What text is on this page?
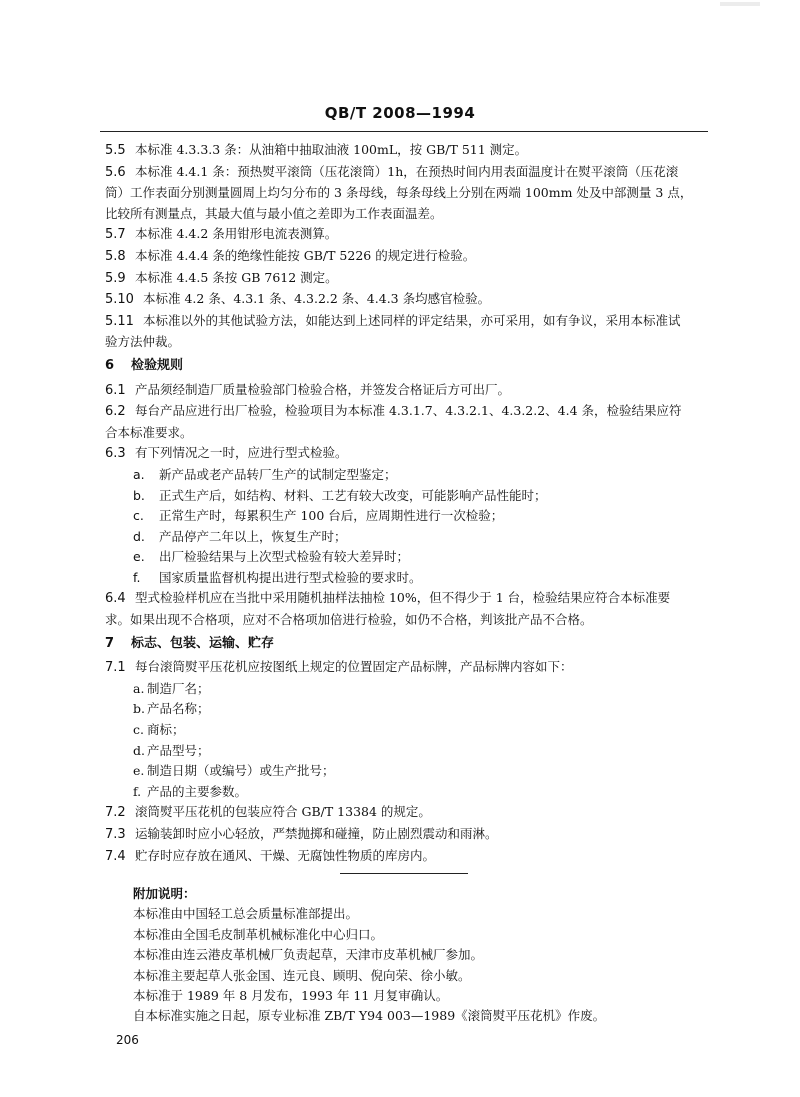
QB/T 2008—1994
5.5 本标准 4.3.3.3 条：从油箱中抽取油液 100mL，按 GB/T 511 测定。
5.6 本标准 4.4.1 条：预热熨平滚筒（压花滚筒）1h，在预热时间内用表面温度计在熨平滚筒（压花滚
筒）工作表面分别测量圆周上均匀分布的 3 条母线，每条母线上分别在两端 100mm 处及中部测量 3 点，
比较所有测量点，其最大值与最小值之差即为工作表面温差。
5.7 本标准 4.4.2 条用钳形电流表测算。
5.8 本标准 4.4.4 条的绝缘性能按 GB/T 5226 的规定进行检验。
5.9 本标准 4.4.5 条按 GB 7612 测定。
5.10 本标准 4.2 条、4.3.1 条、4.3.2.2 条、4.4.3 条均感官检验。
5.11 本标准以外的其他试验方法，如能达到上述同样的评定结果，亦可采用，如有争议，采用本标准试
验方法仲裁。
6 检验规则
6.1 产品须经制造厂质量检验部门检验合格，并签发合格证后方可出厂。
6.2 每台产品应进行出厂检验，检验项目为本标准 4.3.1.7、4.3.2.1、4.3.2.2、4.4 条，检验结果应符
合本标准要求。
6.3 有下列情况之一时，应进行型式检验。
a. 新产品或老产品转厂生产的试制定型鉴定；
b. 正式生产后，如结构、材料、工艺有较大改变，可能影响产品性能时；
c. 正常生产时，每累积生产 100 台后，应周期性进行一次检验；
d. 产品停产二年以上，恢复生产时；
e. 出厂检验结果与上次型式检验有较大差异时；
f. 国家质量监督机构提出进行型式检验的要求时。
6.4 型式检验样机应在当批中采用随机抽样法抽检 10%，但不得少于 1 台，检验结果应符合本标准要
求。如果出现不合格项，应对不合格项加倍进行检验，如仍不合格，判该批产品不合格。
7 标志、包装、运输、贮存
7.1 每台滚筒熨平压花机应按图纸上规定的位置固定产品标牌，产品标牌内容如下：
a. 制造厂名；
b. 产品名称；
c. 商标；
d. 产品型号；
e. 制造日期（或编号）或生产批号；
f. 产品的主要参数。
7.2 滚筒熨平压花机的包装应符合 GB/T 13384 的规定。
7.3 运输装卸时应小心轻放，严禁抛掷和碰撞，防止剧烈震动和雨淋。
7.4 贮存时应存放在通风、干燥、无腐蚀性物质的库房内。
附加说明：
本标准由中国轻工总会质量标准部提出。
本标准由全国毛皮制革机械标准化中心归口。
本标准由连云港皮革机械厂负责起草，天津市皮革机械厂参加。
本标准主要起草人张金国、连元良、顾明、倪向荣、徐小敏。
本标准于 1989 年 8 月发布，1993 年 11 月复审确认。
自本标准实施之日起，原专业标准 ZB/T Y94 003—1989《滚筒熨平压花机》作废。
206
